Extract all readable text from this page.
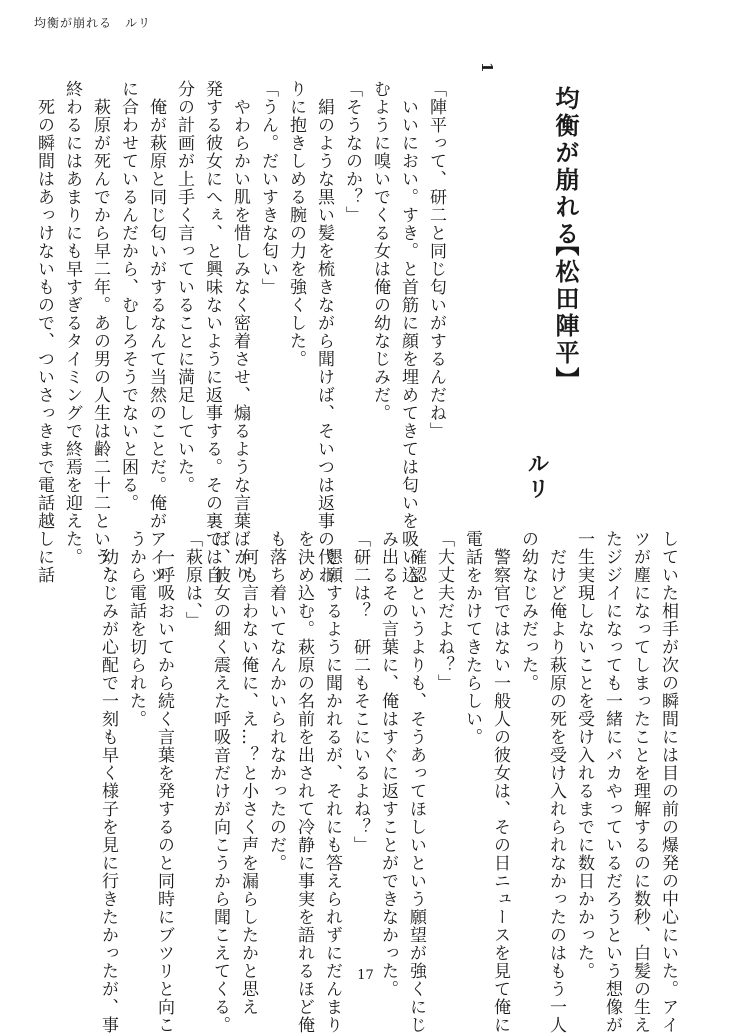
均衡が崩れる　ルリ
均衡が崩れる
【松田陣平】
ルリ
1
「陣平って、研二と同じ匂いがするんだね」
　いいにおい。すき。と首筋に顔を埋めてきては匂いを吸い込
むように嗅いでくる女は俺の幼なじみだ。
「そうなのか？」
　絹のような黒い髪を梳きながら聞けば、そいつは返事の代わ
りに抱きしめる腕の力を強くした。
「うん。だいすきな匂い」
　やわらかい肌を惜しみなく密着させ、煽るような言葉ばかり
発する彼女にへぇ、と興味ないように返事する。その裏では自
分の計画が上手く言っていることに満足していた。
　俺が萩原と同じ匂いがするなんて当然のことだ。俺がアイツ
に合わせているんだから、むしろそうでないと困る。
　萩原が死んでから早二年。あの男の人生は齢二十二という、
終わるにはあまりにも早すぎるタイミングで終焉を迎えた。
　死の瞬間はあっけないもので、ついさっきまで電話越しに話
していた相手が次の瞬間には目の前の爆発の中心にいた。アイ
ツが塵になってしまったことを理解するのに数秒、白髪の生え
たジジイになっても一緒にバカやっているだろうという想像が
一生実現しないことを受け入れるまでに数日かかった。
　だけど俺より萩原の死を受け入れられなかったのはもう一人
の幼なじみだった。
　警察官ではない一般人の彼女は、その日ニュースを見て俺に
電話をかけてきたらしい。
「大丈夫だよね？」
　確認というよりも、そうあってほしいという願望が強くにじ
み出るその言葉に、俺はすぐに返すことができなかった。
「研二は？　研二もそこにいるよね？」
　懇願するように聞かれるが、それにも答えられずにだんまり
を決め込む。萩原の名前を出されて冷静に事実を語れるほど俺
も落ち着いてなんかいられなかったのだ。
　何も言わない俺に、え…？と小さく声を漏らしたかと思え
ば、彼女の細く震えた呼吸音だけが向こうから聞こえてくる。
「萩原は、」
　一呼吸おいてから続く言葉を発するのと同時にブツリと向こ
うから電話を切られた。
　幼なじみが心配で一刻も早く様子を見に行きたかったが、事	17
